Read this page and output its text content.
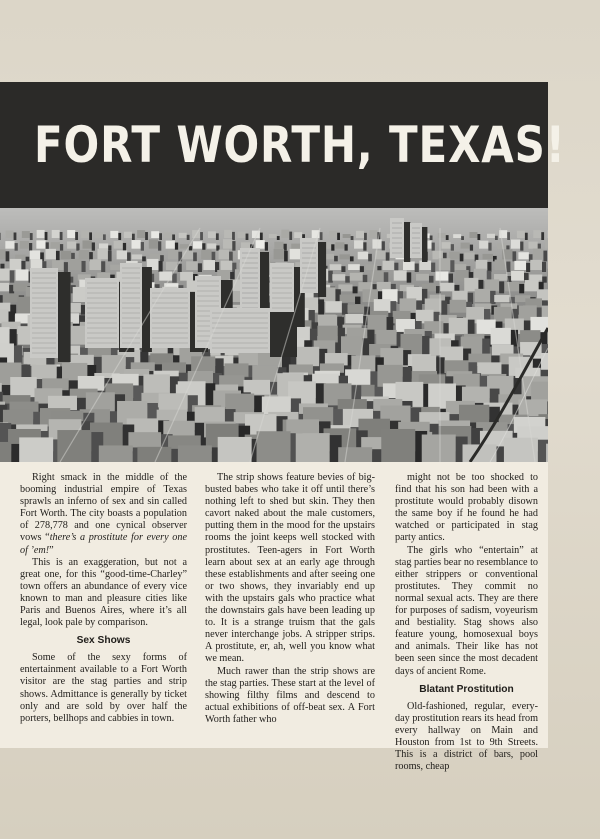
FORT WORTH, TEXAS!

Right smack in the middle of the booming industrial empire of Texas sprawls an inferno of sex and sin called Fort Worth. The city boasts a population of 278,778 and one cynical observer vows “there’s a prostitute for every one of ’em!”

This is an exaggeration, but not a great one, for this “good-time-Charley” town offers an abundance of every vice known to man and pleasure cities like Paris and Buenos Aires, where it’s all legal, look pale by comparison.

Sex Shows

Some of the sexy forms of entertainment available to a Fort Worth visitor are the stag parties and strip shows. Admittance is generally by ticket only and are sold by over half the porters, bellhops and cabbies in town.

The strip shows feature bevies of big-busted babes who take it off until there’s nothing left to shed but skin. They then cavort naked about the male customers, putting them in the mood for the upstairs rooms the joint keeps well stocked with prostitutes. Teen-agers in Fort Worth learn about sex at an early age through these establishments and after seeing one or two shows, they invariably end up with the upstairs gals who practice what the downstairs gals have been leading up to. It is a strange truism that the gals never interchange jobs. A stripper strips. A prostitute, er, ah, well you know what we mean.

Much rawer than the strip shows are the stag parties. These start at the level of showing filthy films and descend to actual exhibitions of off-beat sex. A Fort Worth father who

might not be too shocked to find that his son had been with a prostitute would probably disown the same boy if he found he had watched or participated in stag party antics.

The girls who “entertain” at stag parties bear no resemblance to either strippers or conventional prostitutes. They commit no normal sexual acts. They are there for purposes of sadism, voyeurism and bestiality. Stag shows also feature young, homosexual boys and animals. Their like has not been seen since the most decadent days of ancient Rome.

Blatant Prostitution

Old-fashioned, regular, every-day prostitution rears its head from every hallway on Main and Houston from 1st to 9th Streets. This is a district of bars, pool rooms, cheap
